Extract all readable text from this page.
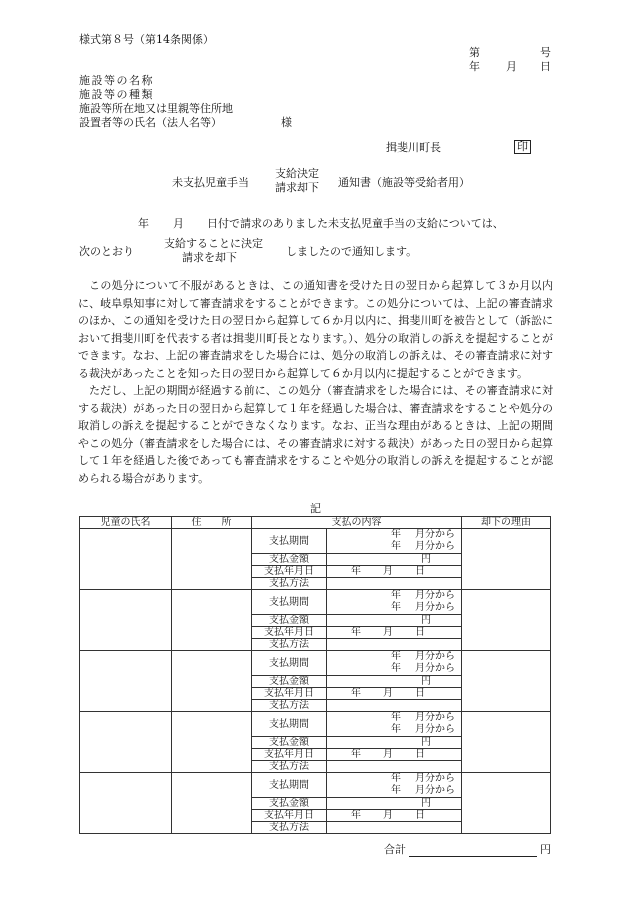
様式第８号（第14条関係）
第	号
年 月 日
施設等の名称
施設等の種類
施設等所在地又は里親等住所地
設置者等の氏名（法人名等）	様
揖斐川町長	印
未支払児童手当
支給決定
請求却下 通知書（施設等受給者用）
年 月 日付で請求のありました未支払児童手当の支給については、
次のとおり
支給することに決定
請求を却下	しましたので通知します。

この処分について不服があるときは、この通知書を受けた日の翌日から起算して３か月以内に、岐阜県知事に対して審査請求をすることができます。この処分については、上記の審査請求のほか、この通知を受けた日の翌日から起算して６か月以内に、揖斐川町を被告として（訴訟において揖斐川町を代表する者は揖斐川町長となります。）、処分の取消しの訴えを提起することができます。なお、上記の審査請求をした場合には、処分の取消しの訴えは、その審査請求に対する裁決があったことを知った日の翌日から起算して６か月以内に提起することができます。

ただし、上記の期間が経過する前に、この処分（審査請求をした場合には、その審査請求に対する裁決）があった日の翌日から起算して１年を経過した場合は、審査請求をすることや処分の取消しの訴えを提起することができなくなります。なお、正当な理由があるときは、上記の期間やこの処分（審査請求をした場合には、その審査請求に対する裁決）があった日の翌日から起算して１年を経過した後であっても審査請求をすることや処分の取消しの訴えを提起することが認められる場合があります。

記
児童の氏名	住　　所	支払の内容		却下の理由
		支払期間	年 月分から
年 月分から	
		支払金額	円	
		支払年月日	年 月 日	
		支払方法		
		支払期間	年 月分から
年 月分から	
		支払金額	円	
		支払年月日	年 月 日	
		支払方法		
		支払期間	年 月分から
年 月分から	
		支払金額	円	
		支払年月日	年 月 日	
		支払方法		
		支払期間	年 月分から
年 月分から	
		支払金額	円	
		支払年月日	年 月 日	
		支払方法		
		支払期間	年 月分から
年 月分から	
		支払金額	円	
		支払年月日	年 月 日	
		支払方法		
合計	円
